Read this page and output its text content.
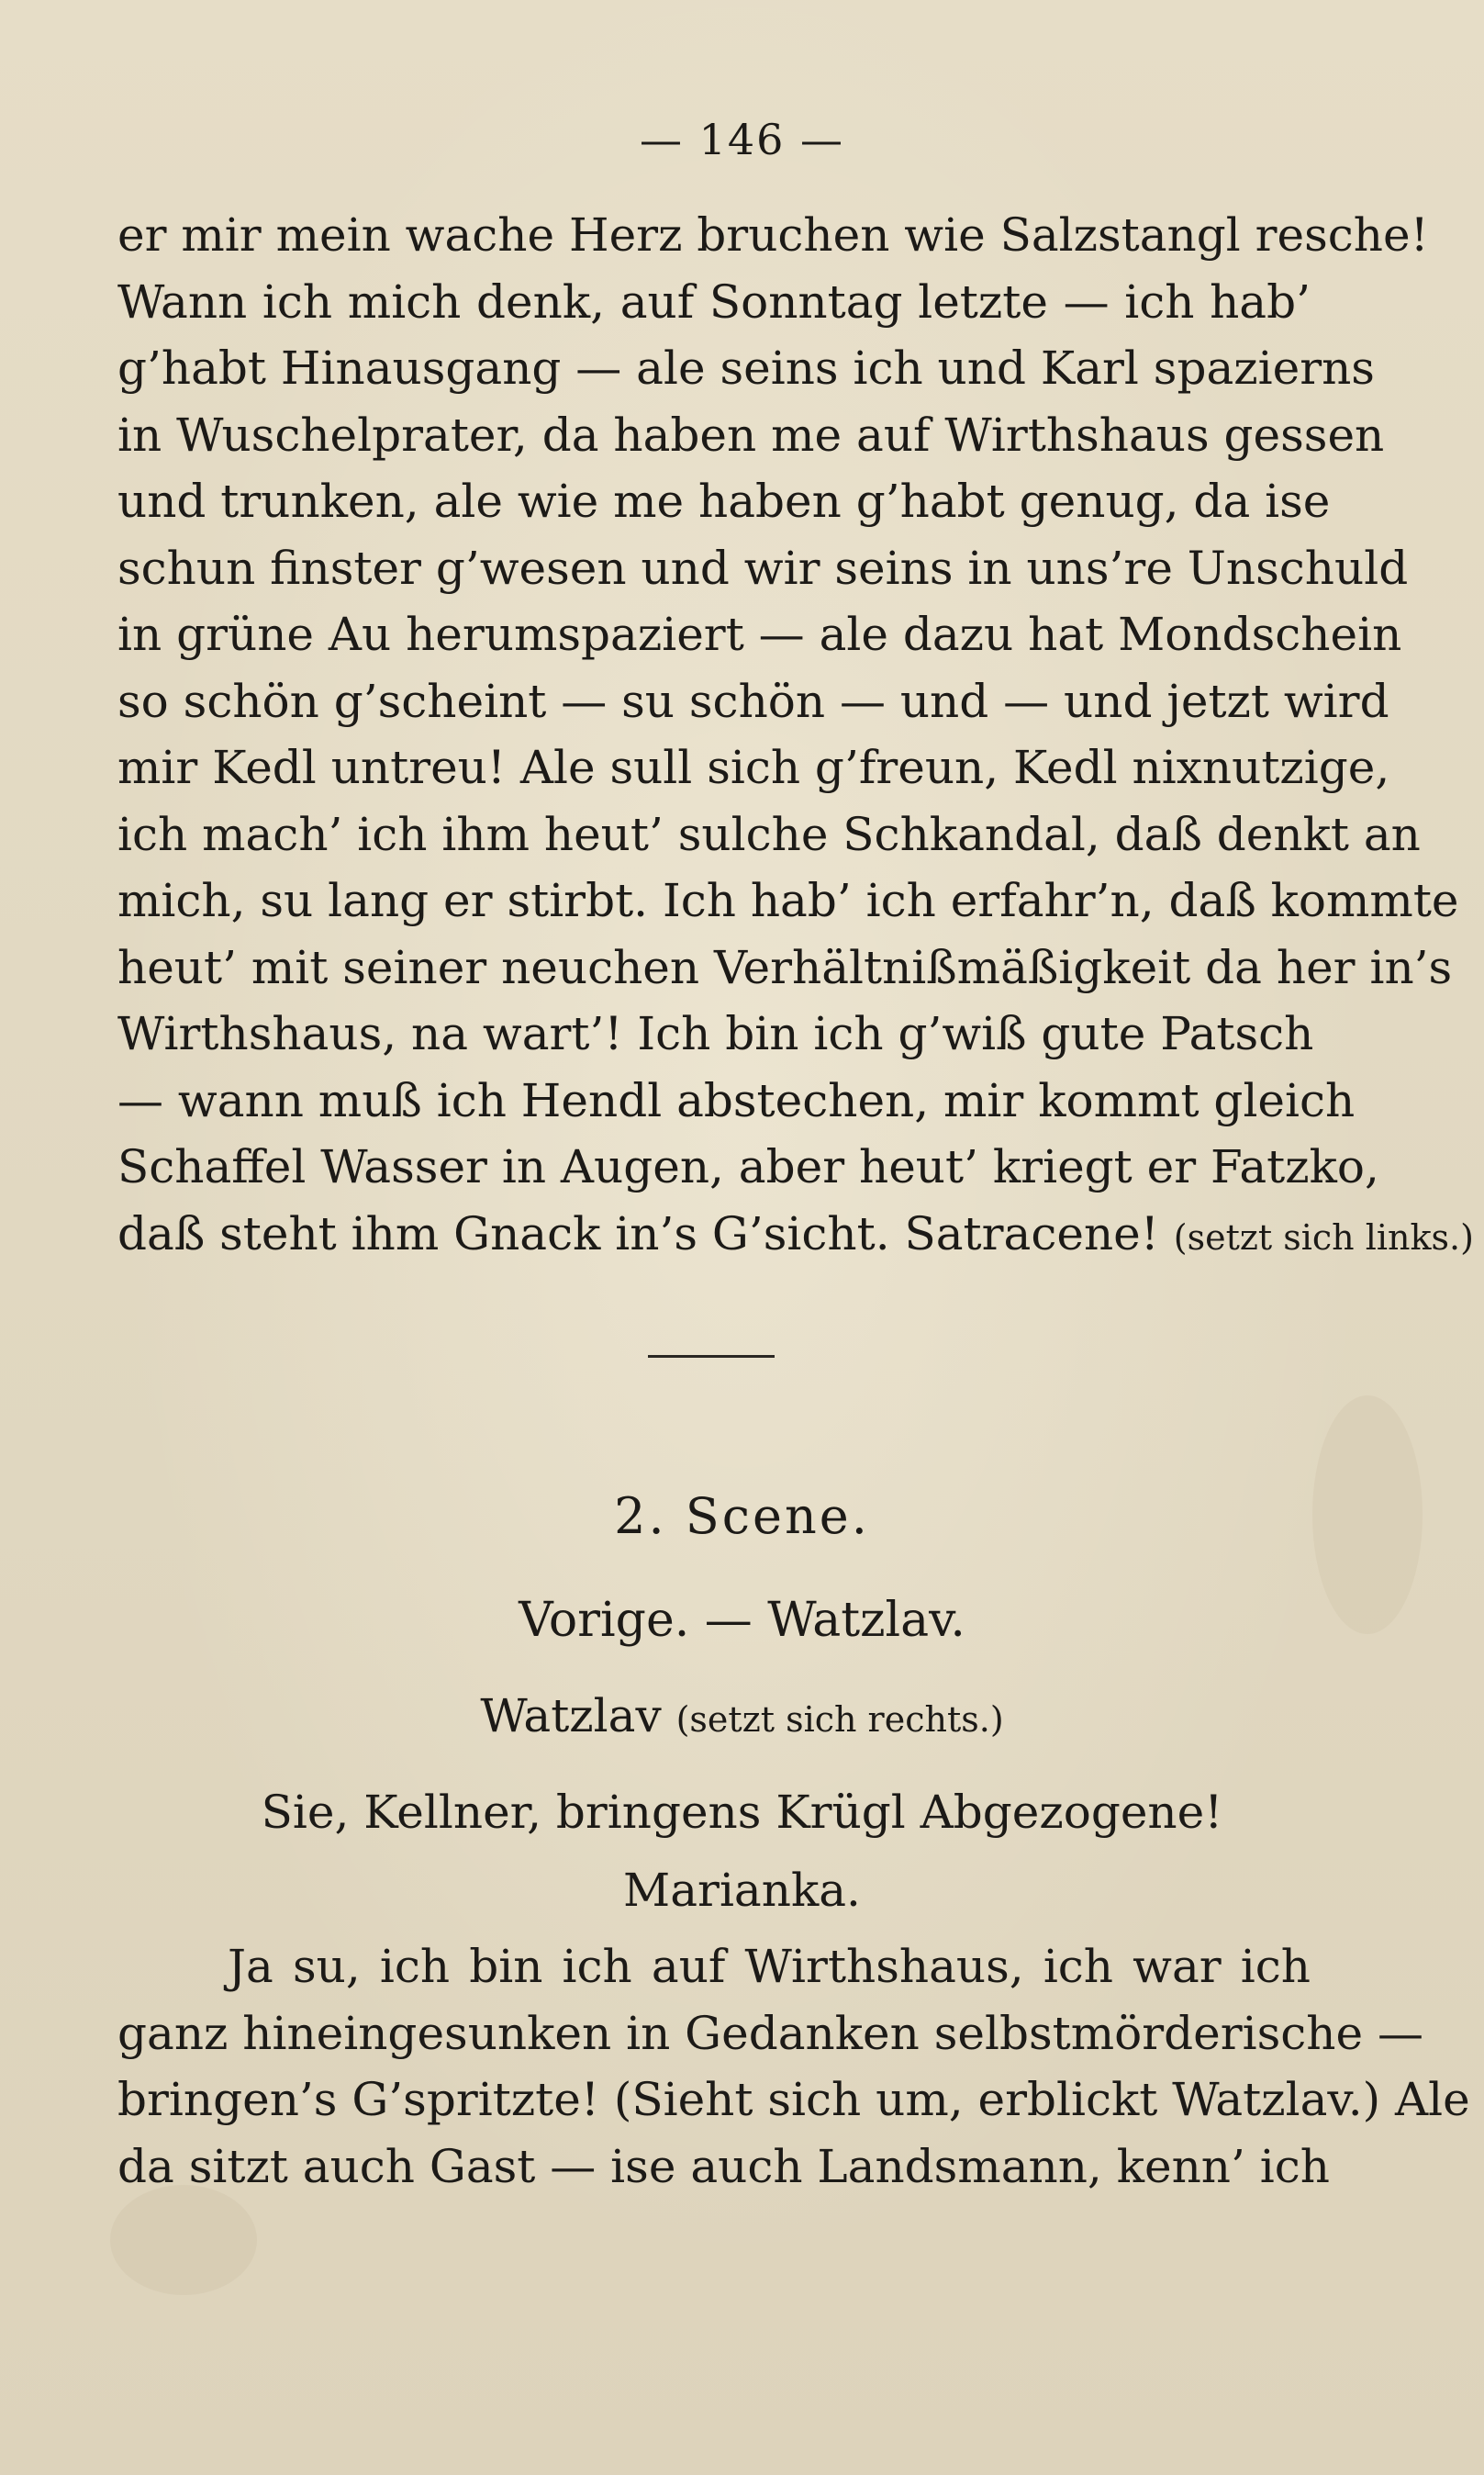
— 146 —
er mir mein wache Herz bruchen wie Salzstangl resche!
Wann ich mich denk, auf Sonntag letzte — ich hab’
g’habt Hinausgang — ale seins ich und Karl spazierns
in Wuschelprater, da haben me auf Wirthshaus gessen
und trunken, ale wie me haben g’habt genug, da ise
schun finster g’wesen und wir seins in uns’re Unschuld
in grüne Au herumspaziert — ale dazu hat Mondschein
so schön g’scheint — su schön — und — und jetzt wird
mir Kedl untreu! Ale sull sich g’freun, Kedl nixnutzige,
ich mach’ ich ihm heut’ sulche Schkandal, daß denkt an
mich, su lang er stirbt. Ich hab’ ich erfahr’n, daß kommte
heut’ mit seiner neuchen Verhältnißmäßigkeit da her in’s
Wirthshaus, na wart’! Ich bin ich g’wiß gute Patsch
— wann muß ich Hendl abstechen, mir kommt gleich
Schaffel Wasser in Augen, aber heut’ kriegt er Fatzko,
daß steht ihm Gnack in’s G’sicht. Satracene! (setzt sich links.)
2. Scene.
Vorige. — Watzlav.
Watzlav (setzt sich rechts.)
Sie, Kellner, bringens Krügl Abgezogene!
Marianka.
Ja su, ich bin ich auf Wirthshaus, ich war ich
ganz hineingesunken in Gedanken selbstmörderische —
bringen’s G’spritzte! (Sieht sich um, erblickt Watzlav.) Ale
da sitzt auch Gast — ise auch Landsmann, kenn’ ich
